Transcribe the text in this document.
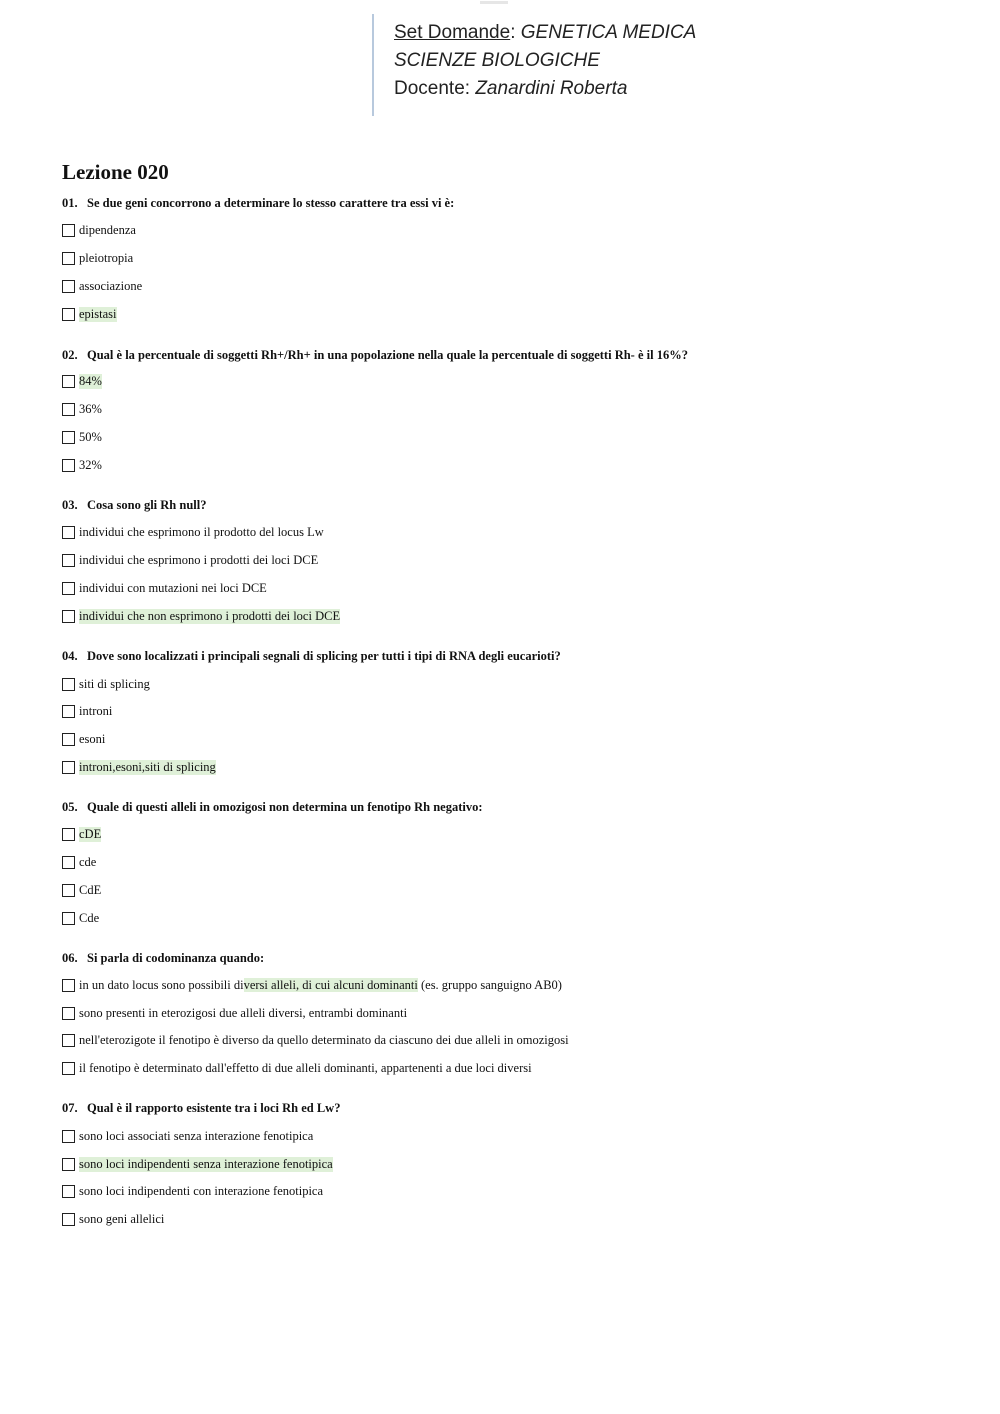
Set Domande: GENETICA MEDICA
SCIENZE BIOLOGICHE
Docente: Zanardini Roberta
Lezione 020
01. Se due geni concorrono a determinare lo stesso carattere tra essi vi è:
dipendenza
pleiotropia
associazione
epistasi
02. Qual è la percentuale di soggetti Rh+/Rh+ in una popolazione nella quale la percentuale di soggetti Rh- è il 16%?
84%
36%
50%
32%
03. Cosa sono gli Rh null?
individui che esprimono il prodotto del locus Lw
individui che esprimono i prodotti dei loci DCE
individui con mutazioni nei loci DCE
individui che non esprimono i prodotti dei loci DCE
04. Dove sono localizzati i principali segnali di splicing per tutti i tipi di RNA degli eucarioti?
siti di splicing
introni
esoni
introni,esoni,siti di splicing
05. Quale di questi alleli in omozigosi non determina un fenotipo Rh negativo:
cDE
cde
CdE
Cde
06. Si parla di codominanza quando:
in un dato locus sono possibili diversi alleli, di cui alcuni dominanti (es. gruppo sanguigno AB0)
sono presenti in eterozigosi due alleli diversi, entrambi dominanti
nell'eterozigote il fenotipo è diverso da quello determinato da ciascuno dei due alleli in omozigosi
il fenotipo è determinato dall'effetto di due alleli dominanti, appartenenti a due loci diversi
07. Qual è il rapporto esistente tra i loci Rh ed Lw?
sono loci associati senza interazione fenotipica
sono loci indipendenti senza interazione fenotipica
sono loci indipendenti con interazione fenotipica
sono geni allelici
